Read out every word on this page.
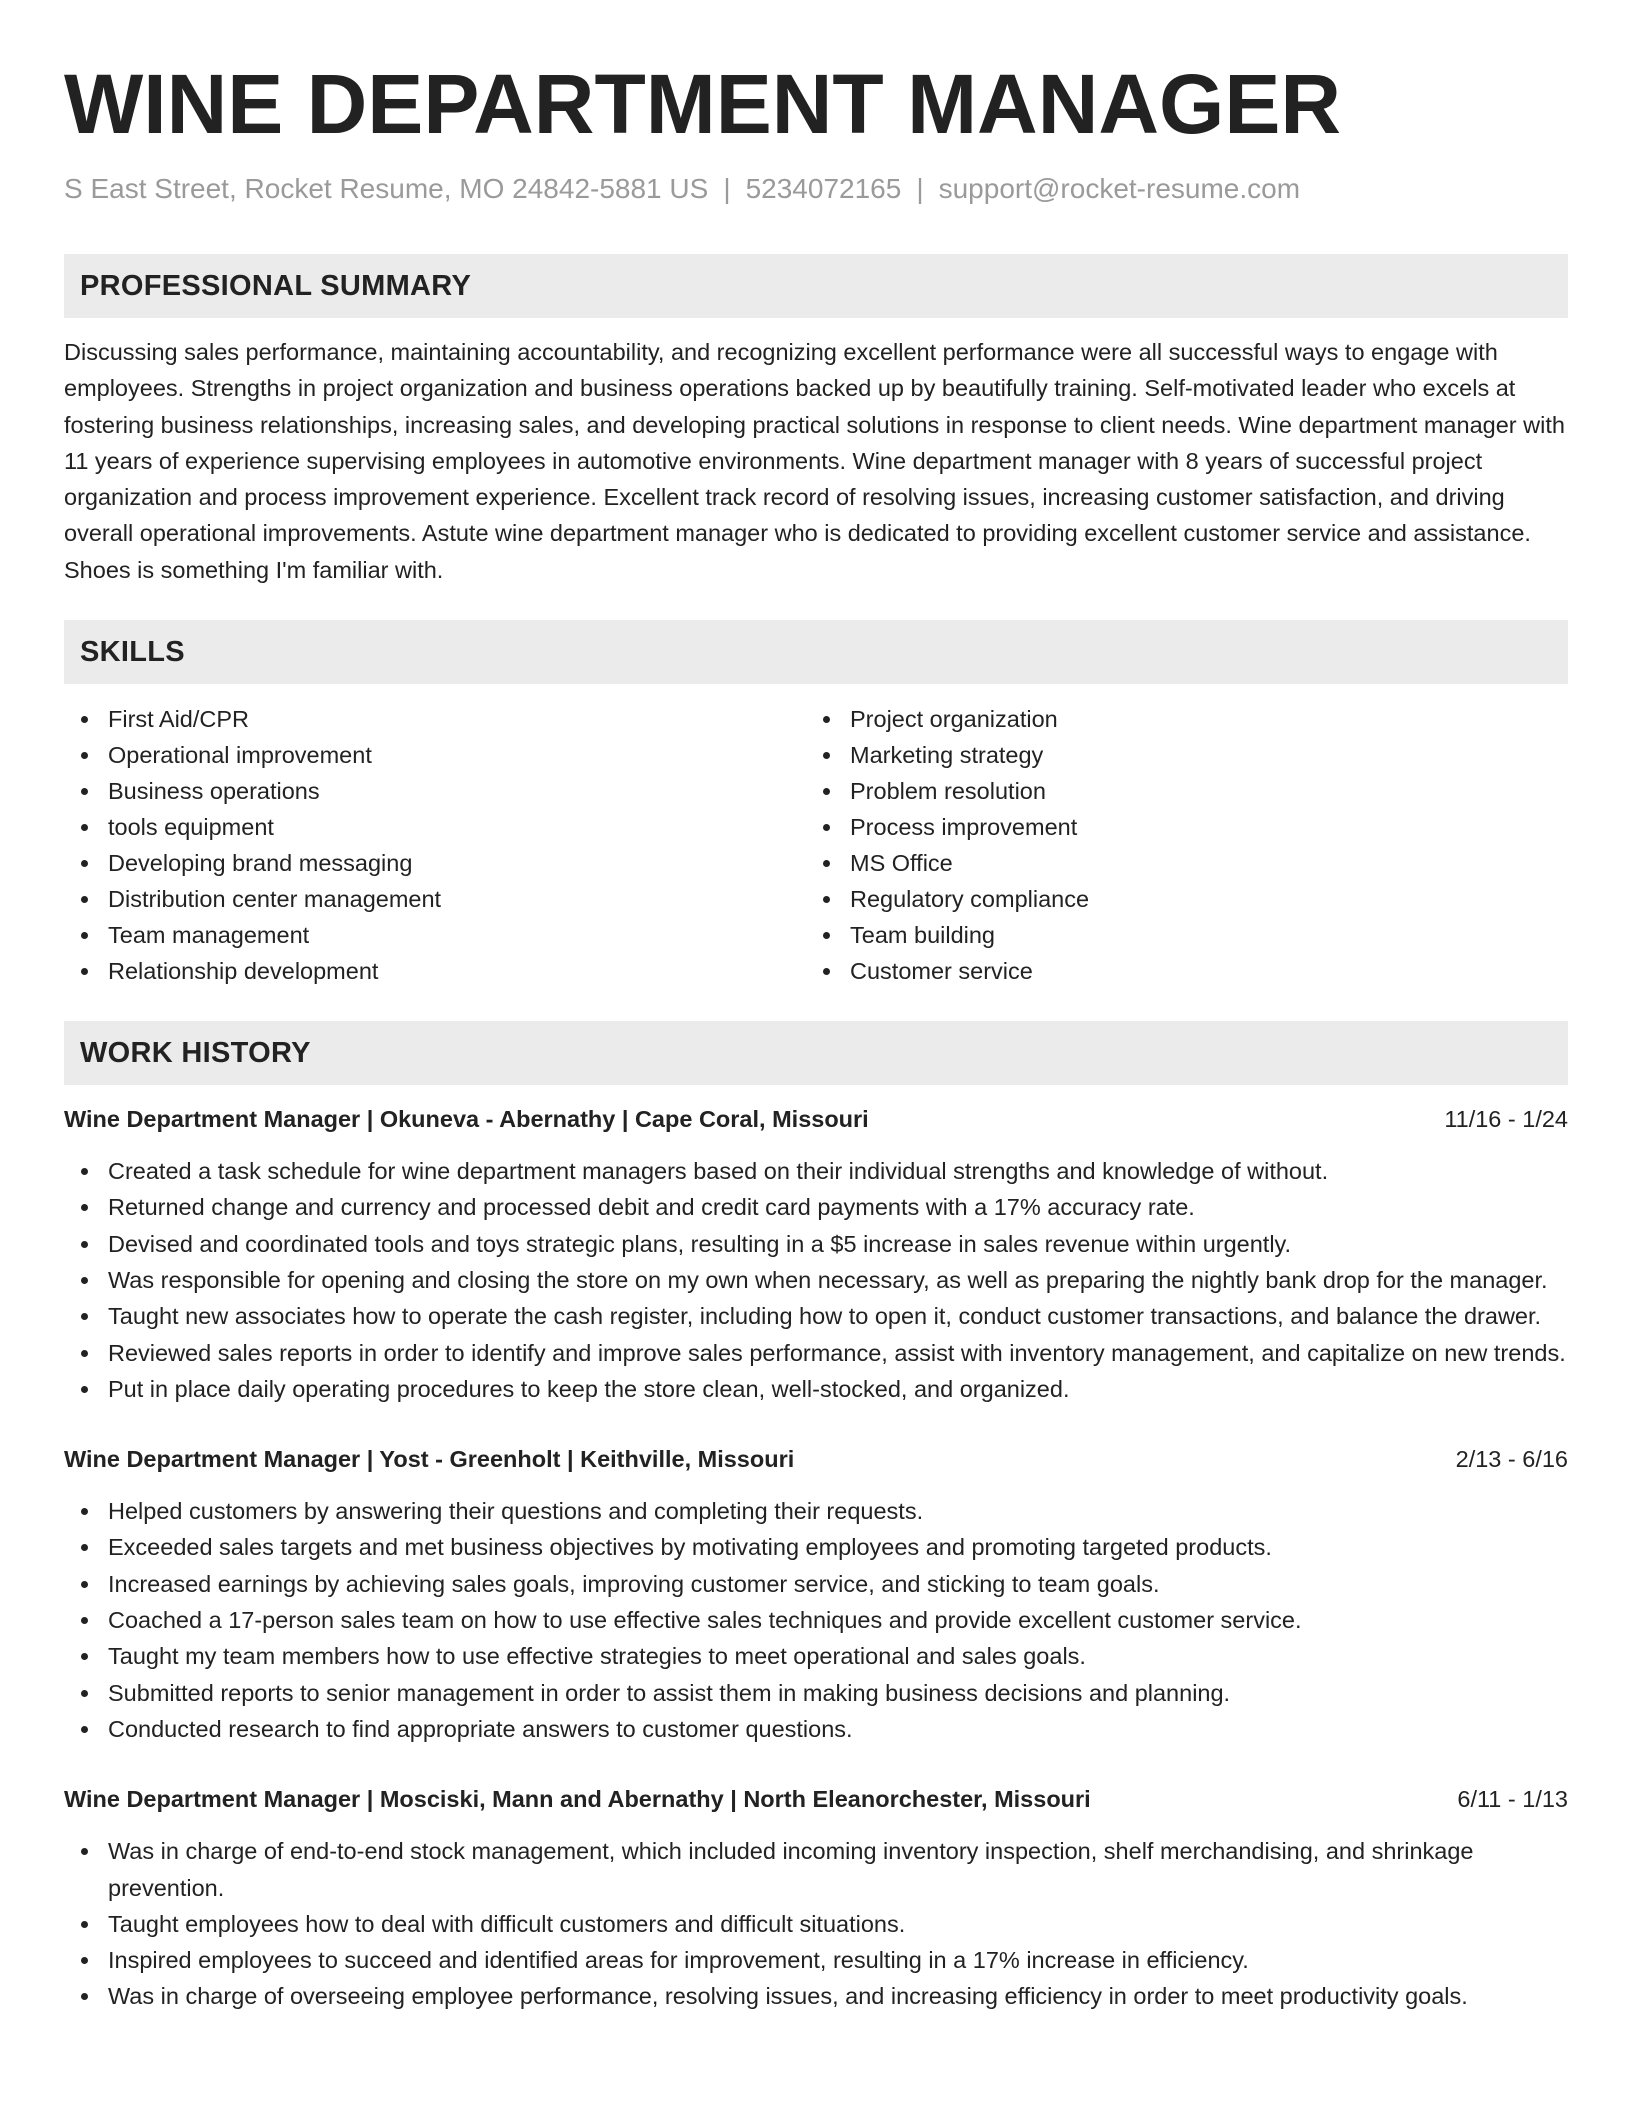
WINE DEPARTMENT MANAGER
S East Street, Rocket Resume, MO 24842-5881 US | 5234072165 | support@rocket-resume.com
PROFESSIONAL SUMMARY

Discussing sales performance, maintaining accountability, and recognizing excellent performance were all successful ways to engage with employees. Strengths in project organization and business operations backed up by beautifully training. Self-motivated leader who excels at fostering business relationships, increasing sales, and developing practical solutions in response to client needs. Wine department manager with 11 years of experience supervising employees in automotive environments. Wine department manager with 8 years of successful project organization and process improvement experience. Excellent track record of resolving issues, increasing customer satisfaction, and driving overall operational improvements. Astute wine department manager who is dedicated to providing excellent customer service and assistance. Shoes is something I'm familiar with.

SKILLS
First Aid/CPR
Operational improvement
Business operations
tools equipment
Developing brand messaging
Distribution center management
Team management
Relationship development
Project organization
Marketing strategy
Problem resolution
Process improvement
MS Office
Regulatory compliance
Team building
Customer service
WORK HISTORY
Wine Department Manager | Okuneva - Abernathy | Cape Coral, Missouri	11/16 - 1/24
Created a task schedule for wine department managers based on their individual strengths and knowledge of without.
Returned change and currency and processed debit and credit card payments with a 17% accuracy rate.
Devised and coordinated tools and toys strategic plans, resulting in a $5 increase in sales revenue within urgently.
Was responsible for opening and closing the store on my own when necessary, as well as preparing the nightly bank drop for the manager.
Taught new associates how to operate the cash register, including how to open it, conduct customer transactions, and balance the drawer.
Reviewed sales reports in order to identify and improve sales performance, assist with inventory management, and capitalize on new trends.
Put in place daily operating procedures to keep the store clean, well-stocked, and organized.
Wine Department Manager | Yost - Greenholt | Keithville, Missouri	2/13 - 6/16
Helped customers by answering their questions and completing their requests.
Exceeded sales targets and met business objectives by motivating employees and promoting targeted products.
Increased earnings by achieving sales goals, improving customer service, and sticking to team goals.
Coached a 17-person sales team on how to use effective sales techniques and provide excellent customer service.
Taught my team members how to use effective strategies to meet operational and sales goals.
Submitted reports to senior management in order to assist them in making business decisions and planning.
Conducted research to find appropriate answers to customer questions.
Wine Department Manager | Mosciski, Mann and Abernathy | North Eleanorchester, Missouri	6/11 - 1/13
Was in charge of end-to-end stock management, which included incoming inventory inspection, shelf merchandising, and shrinkage prevention.
Taught employees how to deal with difficult customers and difficult situations.
Inspired employees to succeed and identified areas for improvement, resulting in a 17% increase in efficiency.
Was in charge of overseeing employee performance, resolving issues, and increasing efficiency in order to meet productivity goals.
